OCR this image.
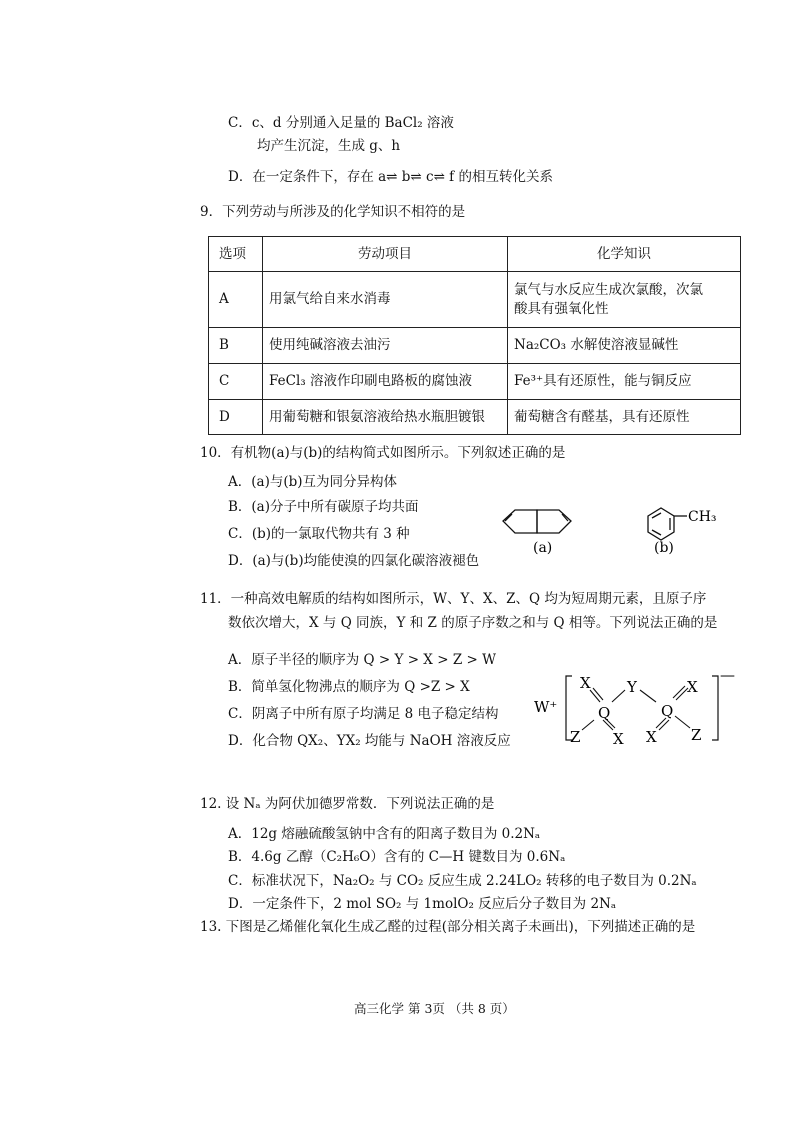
C．c、d 分别通入足量的 BaCl₂ 溶液
均产生沉淀，生成 g、h
D．在一定条件下，存在 a⇌ b⇌ c⇌ f 的相互转化关系
9．下列劳动与所涉及的化学知识不相符的是
选项	劳动项目	化学知识
A	用氯气给自来水消毒	氯气与水反应生成次氯酸，次氯
酸具有强氧化性

B	使用纯碱溶液去油污	Na₂CO₃ 水解使溶液显碱性
C	FeCl₃ 溶液作印刷电路板的腐蚀液	Fe³⁺具有还原性，能与铜反应
D	用葡萄糖和银氨溶液给热水瓶胆镀银	葡萄糖含有醛基，具有还原性
10．有机物(a)与(b)的结构简式如图所示。下列叙述正确的是
A．(a)与(b)互为同分异构体
B．(a)分子中所有碳原子均共面
C．(b)的一氯取代物共有 3 种
D．(a)与(b)均能使溴的四氯化碳溶液褪色
(a)
CH₃
(b)
11．一种高效电解质的结构如图所示，W、Y、X、Z、Q 均为短周期元素，且原子序
数依次增大，X 与 Q 同族，Y 和 Z 的原子序数之和与 Q 相等。下列说法正确的是
A．原子半径的顺序为 Q > Y > X > Z > W
B．简单氢化物沸点的顺序为 Q >Z > X
C．阴离子中所有原子均满足 8 电子稳定结构
D．化合物 QX₂、YX₂ 均能与 NaOH 溶液反应
W⁺
—
X Y	X
Q	Q
Z X X Z
12. 设 Nₐ 为阿伏加德罗常数．下列说法正确的是
A．12g 熔融硫酸氢钠中含有的阳离子数目为 0.2Nₐ
B．4.6g 乙醇（C₂H₆O）含有的 C—H 键数目为 0.6Nₐ
C．标准状况下，Na₂O₂ 与 CO₂ 反应生成 2.24LO₂ 转移的电子数目为 0.2Nₐ
D．一定条件下，2 mol SO₂ 与 1molO₂ 反应后分子数目为 2Nₐ
13. 下图是乙烯催化氧化生成乙醛的过程(部分相关离子未画出)，下列描述正确的是
高三化学 第 3页 （共 8 页）
